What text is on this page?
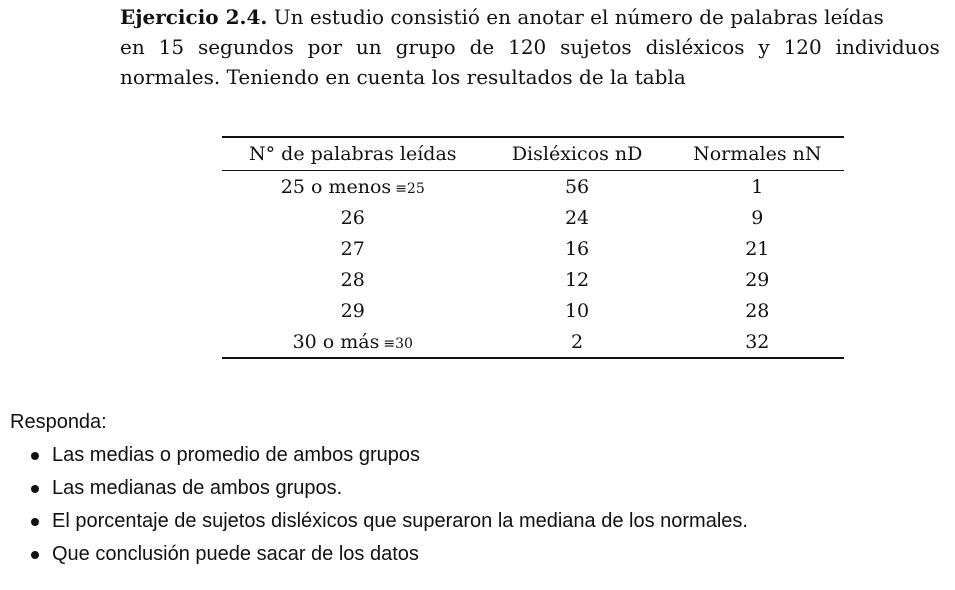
Ejercicio 2.4. Un estudio consistió en anotar el número de palabras leídas
en 15 segundos por un grupo de 120 sujetos disléxicos y 120 individuos
normales. Teniendo en cuenta los resultados de la tabla
N° de palabras leídas	Disléxicos nD	Normales nN
25 o menos ≡25	56	1
26	24	9
27	16	21
28	12	29
29	10	28
30 o más ≡30	2	32
Responda:
Las medias o promedio de ambos grupos
Las medianas de ambos grupos.
El porcentaje de sujetos disléxicos que superaron la mediana de los normales.
Que conclusión puede sacar de los datos
